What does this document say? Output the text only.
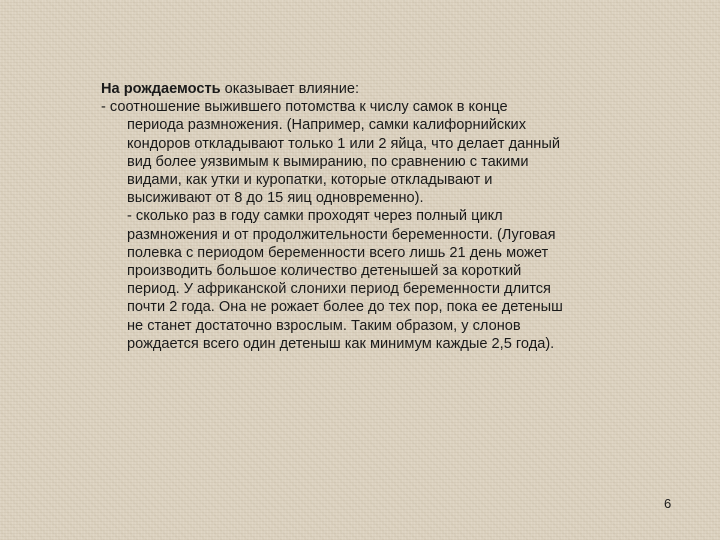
На рождаемость оказывает влияние:
- соотношение выжившего потомства к числу самок в конце
периода размножения. (Например, самки калифорнийских
кондоров откладывают только 1 или 2 яйца, что делает данный
вид более уязвимым к вымиранию, по сравнению с такими
видами, как утки и куропатки, которые откладывают и
высиживают от 8 до 15 яиц одновременно).
- сколько раз в году самки проходят через полный цикл
размножения и от продолжительности беременности. (Луговая
полевка с периодом беременности всего лишь 21 день может
производить большое количество детенышей за короткий
период. У африканской слонихи период беременности длится
почти 2 года. Она не рожает более до тех пор, пока ее детеныш
не станет достаточно взрослым. Таким образом, у слонов
рождается всего один детеныш как минимум каждые 2,5 года).
6
